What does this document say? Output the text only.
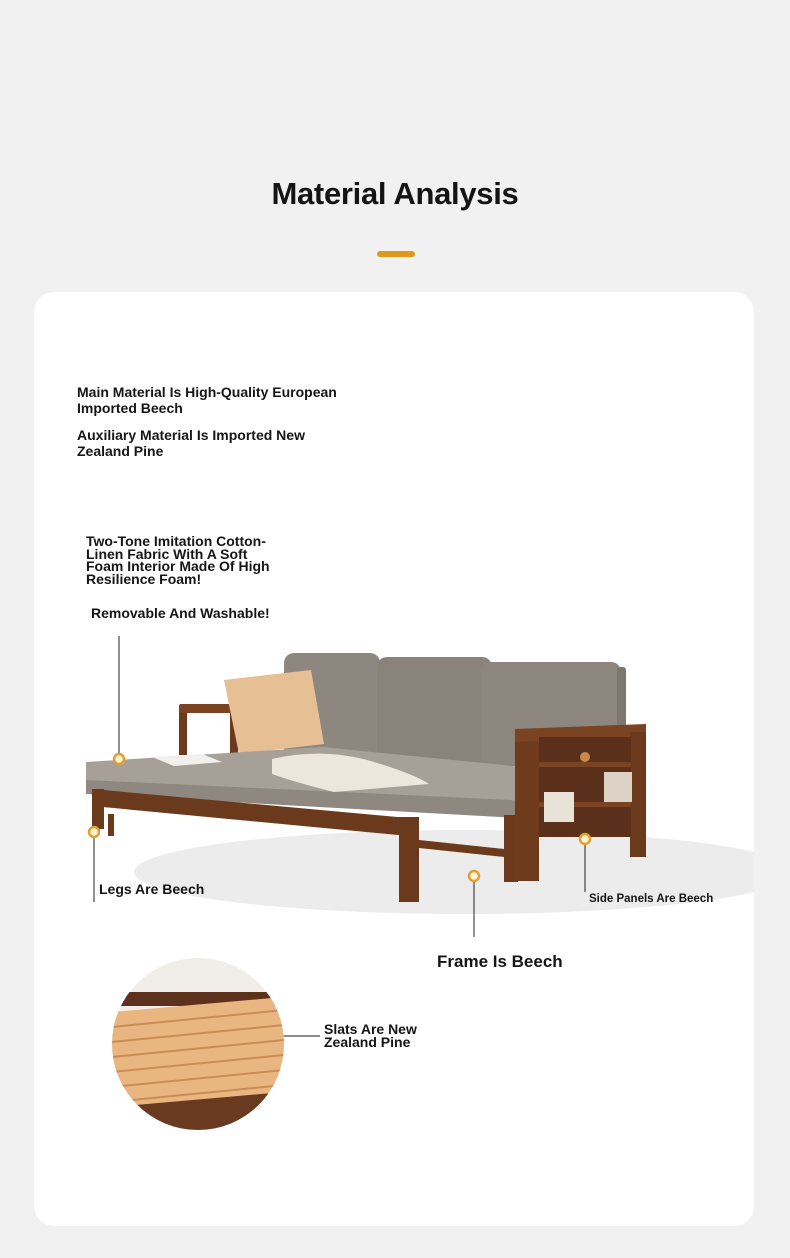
Material Analysis
Main Material Is High-Quality European Imported Beech
Auxiliary Material Is Imported New Zealand Pine
Two-Tone Imitation Cotton-Linen Fabric With A Soft Foam Interior Made Of High Resilience Foam!
Removable And Washable!
Legs Are Beech
Side Panels Are Beech
Frame Is Beech
Slats Are New Zealand Pine
